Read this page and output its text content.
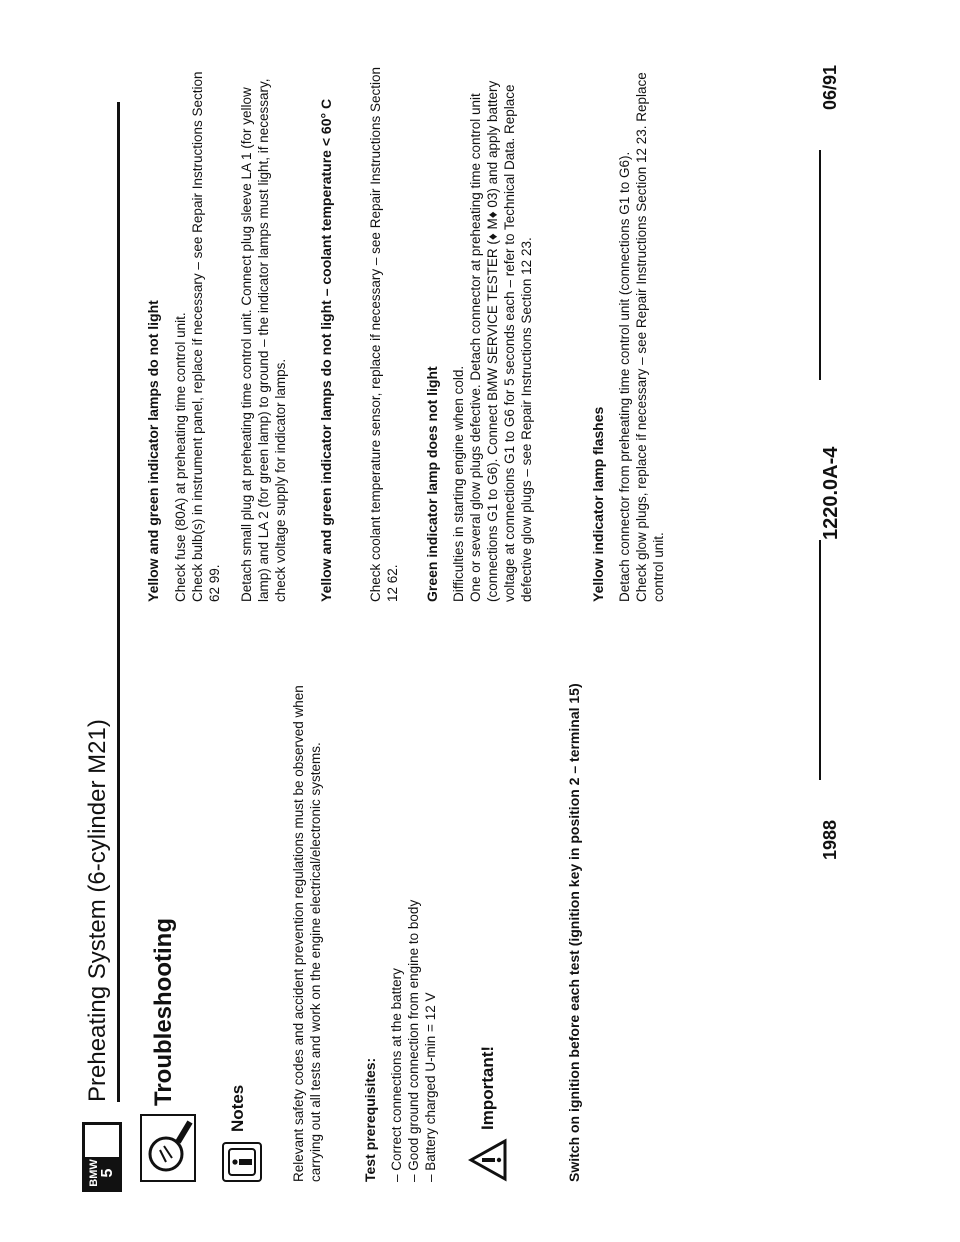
BMW 5
Preheating System (6-cylinder M21) Troubleshooting
Notes	Relevant safety codes and accident prevention regulations must be observed when carrying out all tests and work on the engine electrical/electronic systems.	Test prerequisites: – Correct connections at the battery – Good ground connection from engine to body – Battery charged U-min = 12 V Important!	Switch on ignition before each test (ignition key in position 2 – terminal 15)
Yellow and green indicator lamps do not light Check fuse (80A) at preheating time control unit. Check bulb(s) in instrument panel, replace if necessary – see Repair Instructions Section 62 99. Detach small plug at preheating time control unit. Connect plug sleeve LA 1 (for yellow lamp) and LA 2 (for green lamp) to ground – the indicator lamps must light, if necessary, check voltage supply for indicator lamps. Yellow and green indicator lamps do not light – coolant temperature < 60° C	Check coolant temperature sensor, replace if necessary – see Repair Instructions Section 12 62. Green indicator lamp does not light Difficulties in starting engine when cold. One or several glow plugs defective. Detach connector at preheating time control unit (connections G1 to G6). Connect BMW SERVICE TESTER (♦ M♦ 03) and apply battery voltage at connections G1 to G6 for 5 seconds each – refer to Technical Data. Replace defective glow plugs – see Repair Instructions Section 12 23.	Yellow indicator lamp flashes Detach connector from preheating time control unit (connections G1 to G6). Check glow plugs, replace if necessary – see Repair Instructions Section 12 23. Replace control unit.

1220.0A-4
1988
06/91
